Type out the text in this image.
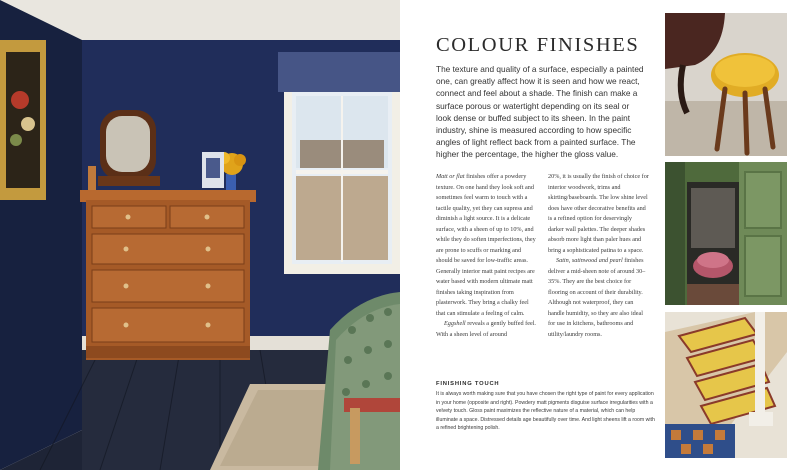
COLOUR FINISHES

The texture and quality of a surface, especially a painted one, can greatly affect how it is seen and how we react, connect and feel about a shade. The finish can make a surface porous or watertight depending on its seal or look dense or buffed subject to its sheen. In the paint industry, shine is measured according to how specific angles of light reflect back from a painted surface. The higher the percentage, the higher the gloss value.

Matt or flat finishes offer a powdery texture. On one hand they look soft and sometimes feel warm to touch with a tactile quality, yet they can supress and diminish a light source. It is a delicate surface, with a sheen of up to 10%, and while they do soften imperfections, they are prone to scuffs or marking and should be saved for low-traffic areas. Generally interior matt paint recipes are water based with modern ultimate matt finishes taking inspiration from plasterwork. They bring a chalky feel that can stimulate a feeling of calm.

Eggshell reveals a gently buffed feel. With a sheen level of around

20%, it is usually the finish of choice for interior woodwork, trims and skirting/baseboards. The low shine level does have other decorative benefits and is a refined option for deservingly darker wall palettes. The deeper shades absorb more light than paler hues and bring a sophisticated patina to a space.

Satin, satinwood and pearl finishes deliver a mid-sheen note of around 30–35%. They are the best choice for flooring on account of their durability. Although not waterproof, they can handle humidity, so they are also ideal for use in kitchens, bathrooms and utility/laundry rooms.

FINISHING TOUCH

It is always worth making sure that you have chosen the right type of paint for every application in your home (opposite and right). Powdery matt pigments disguise surface irregularities with a velvety touch. Gloss paint maximizes the reflective nature of a material, which can help illuminate a space. Distressed details age beautifully over time. And light sheens lift a room with a refined brightening polish.
